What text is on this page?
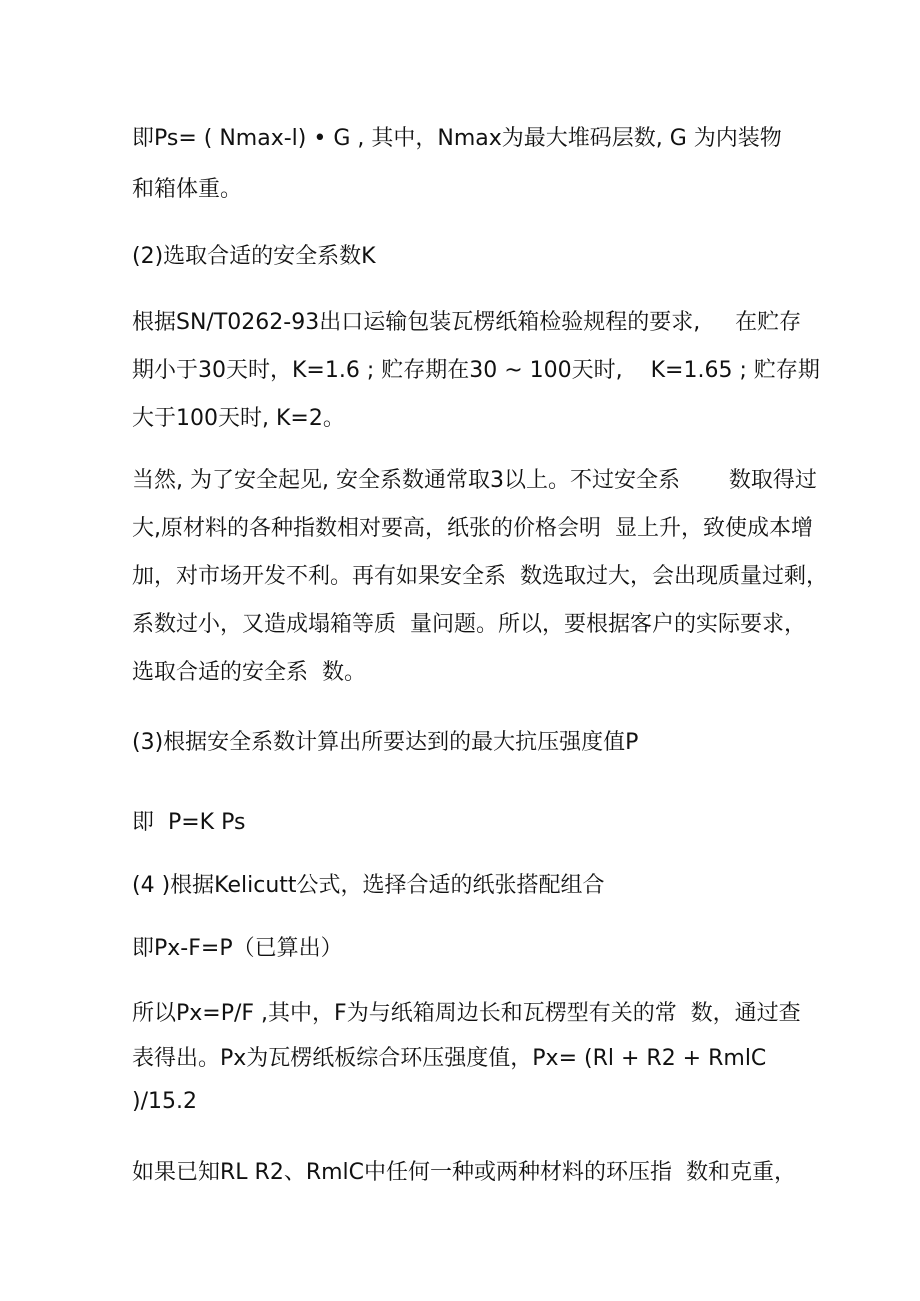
即Ps= ( Nmax-l) • G , 其中，Nmax为最大堆码层数, G 为内装物
和箱体重。

(2)选取合适的安全系数K

根据SN/T0262-93出口运输包装瓦楞纸箱检验规程的要求,     在贮存
期小于30天时，K=1.6 ; 贮存期在30 ~ 100天时,    K=1.65 ; 贮存期
大于100天时, K=2。

当然, 为了安全起见, 安全系数通常取3以上。不过安全系       数取得过
大,原材料的各种指数相对要高，纸张的价格会明  显上升，致使成本增
加，对市场开发不利。再有如果安全系  数选取过大，会出现质量过剩，
系数过小，又造成塌箱等质  量问题。所以，要根据客户的实际要求，
选取合适的安全系  数。

(3)根据安全系数计算出所要达到的最大抗压强度值P

即  P=K Ps

(4 )根据Kelicutt公式，选择合适的纸张搭配组合

即Px-F=P（已算出）

所以Px=P/F ,其中，F为与纸箱周边长和瓦楞型有关的常  数，通过查
表得出。Px为瓦楞纸板综合环压强度值，Px= (Rl + R2 + RmlC
)/15.2

如果已知RL R2、RmlC中任何一种或两种材料的环压指  数和克重，
